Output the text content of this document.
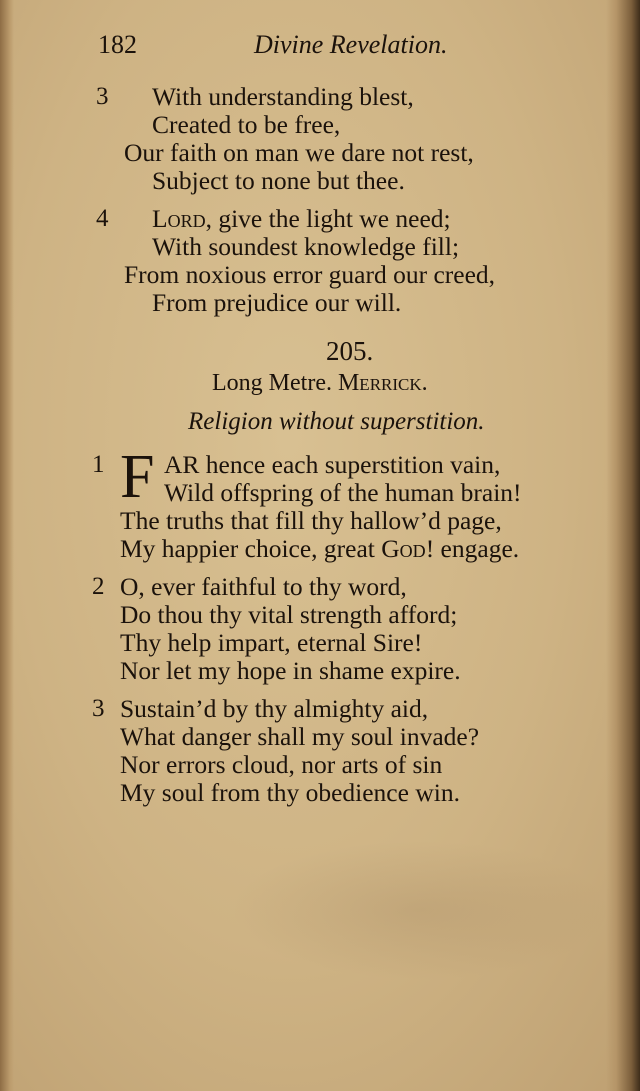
182	Divine Revelation.
3 With understanding blest,
Created to be free,
Our faith on man we dare not rest,
Subject to none but thee.
4 Lord, give the light we need;
With soundest knowledge fill;
From noxious error guard our creed,
From prejudice our will.
205.
Long Metre. Merrick.
Religion without superstition.
1 F AR hence each superstition vain,
Wild offspring of the human brain!
The truths that fill thy hallow’d page,
My happier choice, great God! engage.
2 O, ever faithful to thy word,
Do thou thy vital strength afford;
Thy help impart, eternal Sire!
Nor let my hope in shame expire.
3 Sustain’d by thy almighty aid,
What danger shall my soul invade?
Nor errors cloud, nor arts of sin
My soul from thy obedience win.
